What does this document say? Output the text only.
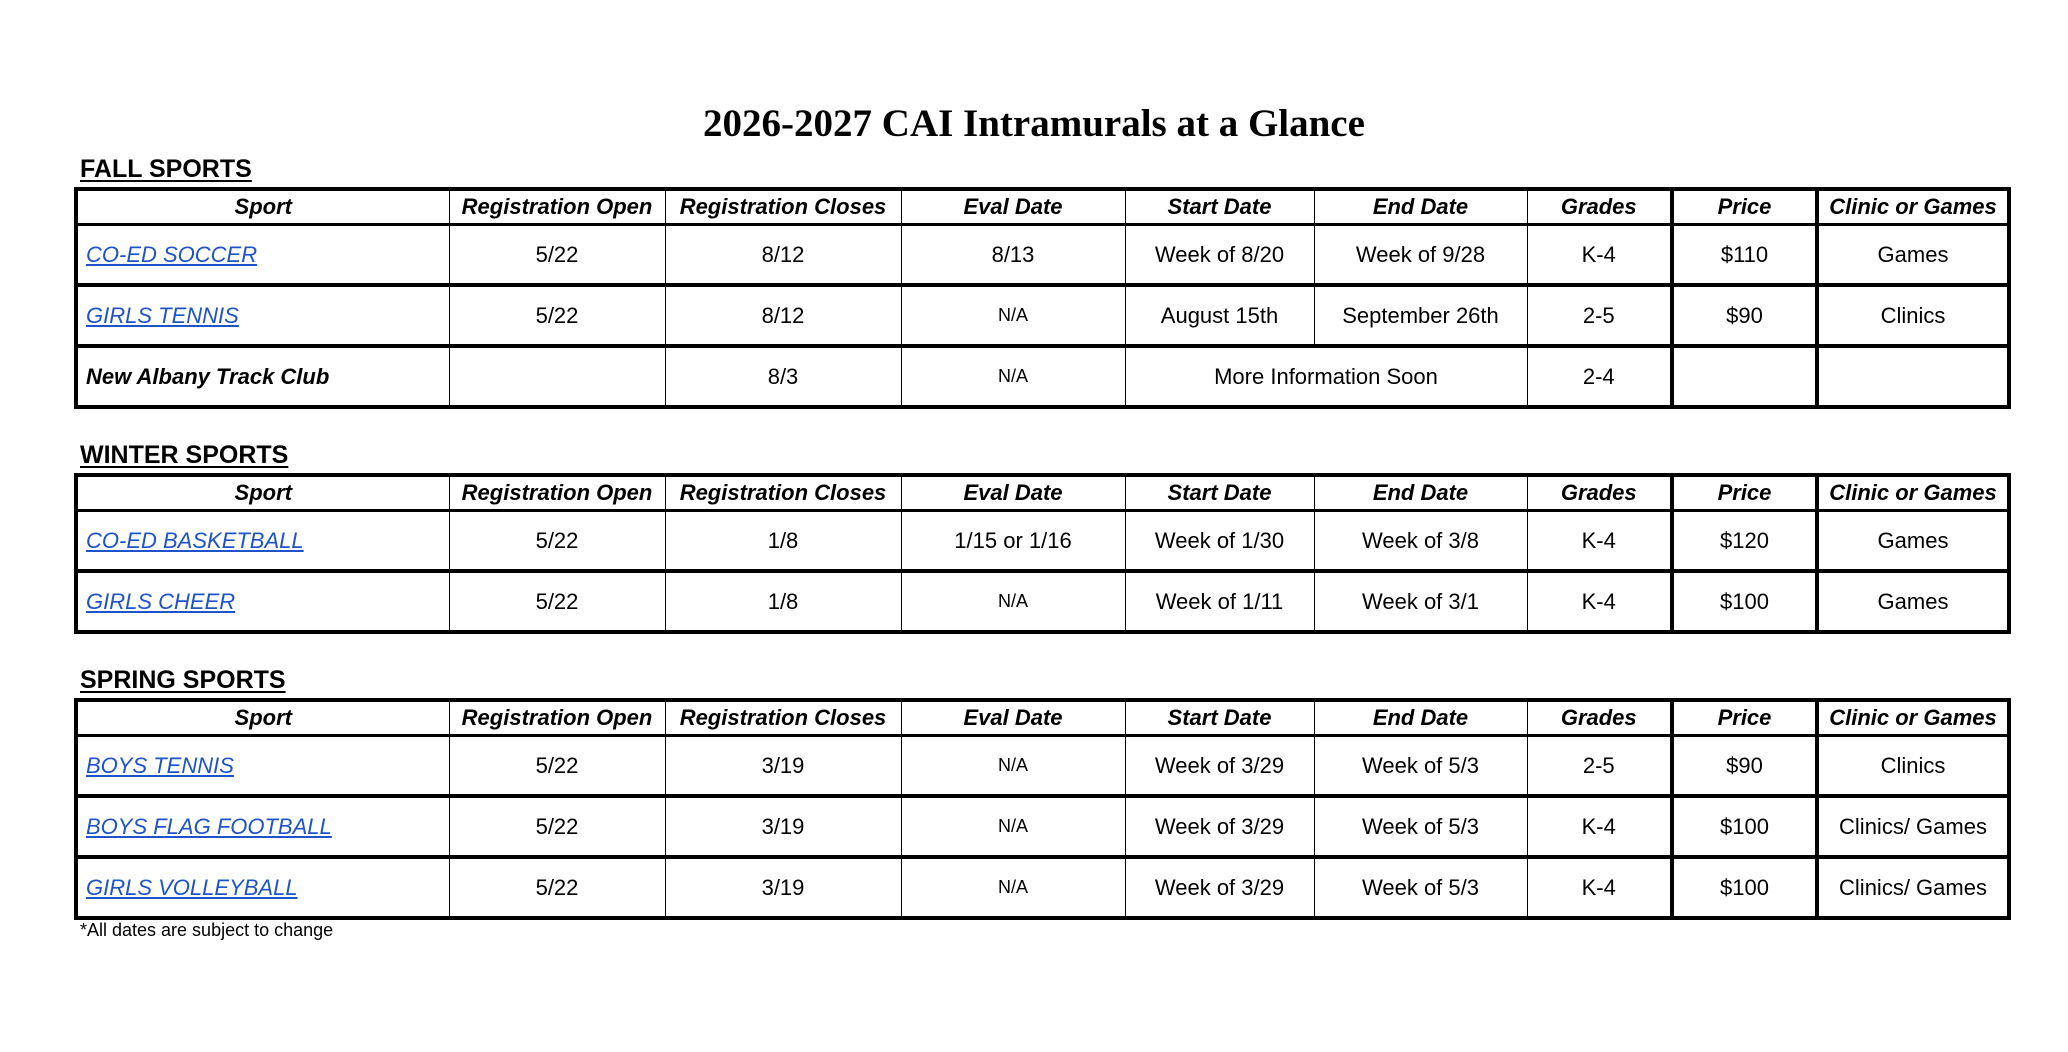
2026-2027 CAI Intramurals at a Glance
FALL SPORTS
Sport	Registration Open	Registration Closes	Eval Date	Start Date	End Date	Grades	Price	Clinic or Games
CO-ED SOCCER	5/22	8/12	8/13	Week of 8/20	Week of 9/28	K-4	$110	Games
GIRLS TENNIS	5/22	8/12	N/A	August 15th	September 26th	2-5	$90	Clinics
New Albany Track Club		8/3	N/A	More Information Soon		2-4		
WINTER SPORTS
Sport	Registration Open	Registration Closes	Eval Date	Start Date	End Date	Grades	Price	Clinic or Games
CO-ED BASKETBALL	5/22	1/8	1/15 or 1/16	Week of 1/30	Week of 3/8	K-4	$120	Games
GIRLS CHEER	5/22	1/8	N/A	Week of 1/11	Week of 3/1	K-4	$100	Games
SPRING SPORTS
Sport	Registration Open	Registration Closes	Eval Date	Start Date	End Date	Grades	Price	Clinic or Games
BOYS TENNIS	5/22	3/19	N/A	Week of 3/29	Week of 5/3	2-5	$90	Clinics
BOYS FLAG FOOTBALL	5/22	3/19	N/A	Week of 3/29	Week of 5/3	K-4	$100	Clinics/ Games
GIRLS VOLLEYBALL	5/22	3/19	N/A	Week of 3/29	Week of 5/3	K-4	$100	Clinics/ Games
*All dates are subject to change
